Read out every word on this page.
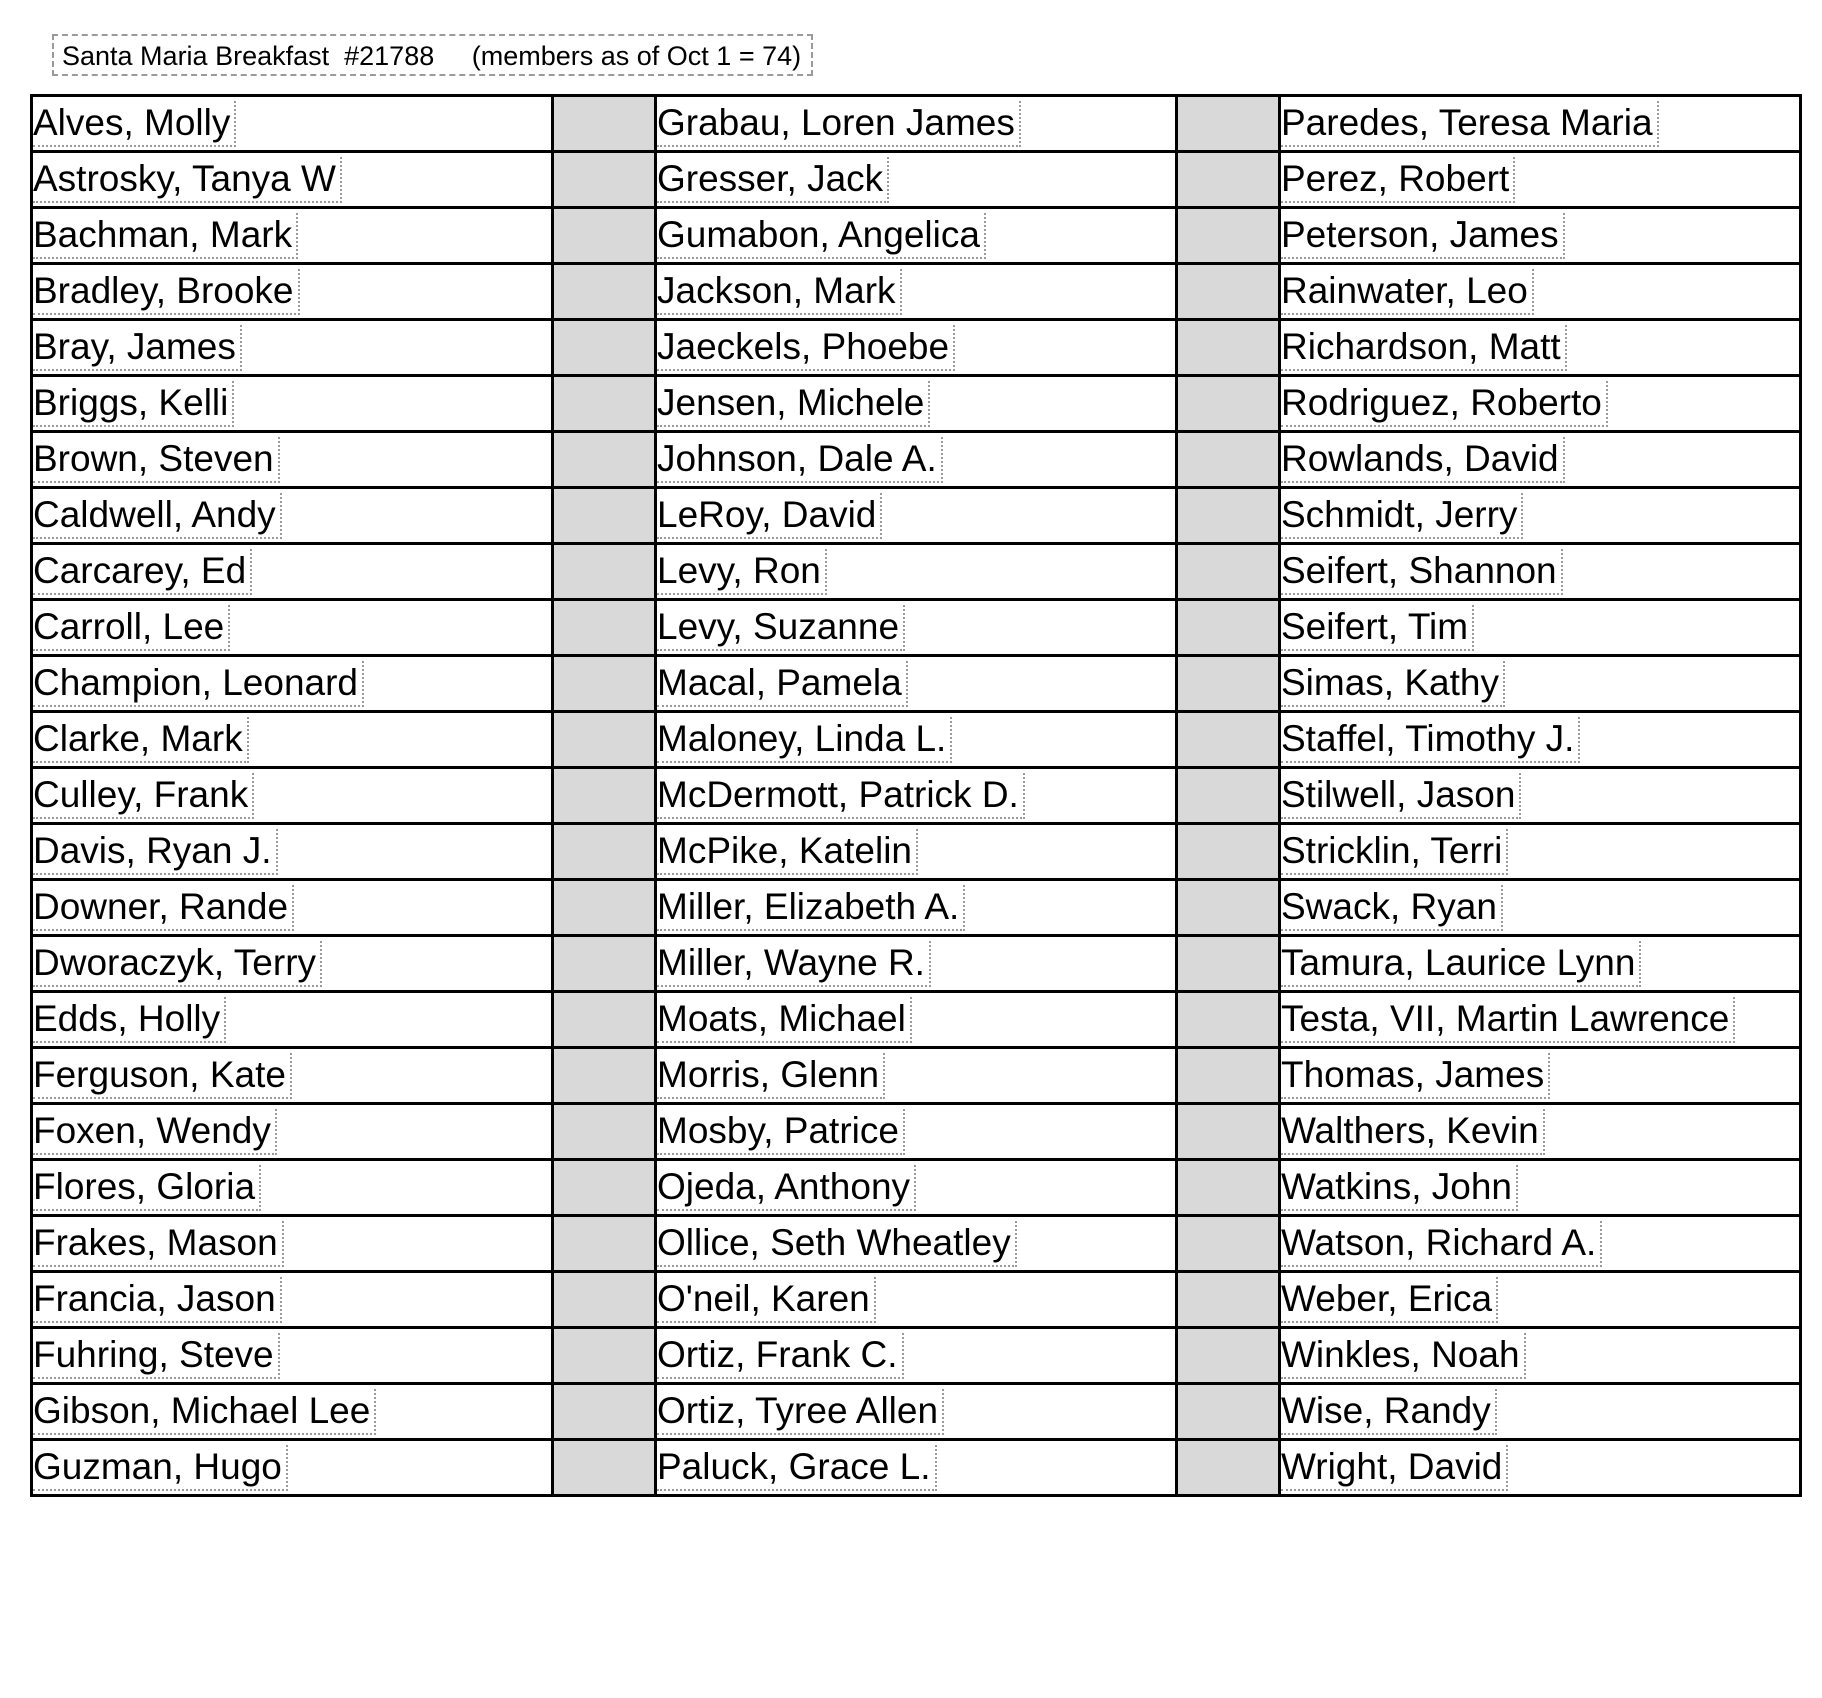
Santa Maria Breakfast  #21788 (members as of Oct 1 = 74)
Alves, Molly		Grabau, Loren James		Paredes, Teresa Maria
Astrosky, Tanya W		Gresser, Jack		Perez, Robert
Bachman, Mark		Gumabon, Angelica		Peterson, James
Bradley, Brooke		Jackson, Mark		Rainwater, Leo
Bray, James		Jaeckels, Phoebe		Richardson, Matt
Briggs, Kelli		Jensen, Michele		Rodriguez, Roberto
Brown, Steven		Johnson, Dale A.		Rowlands, David
Caldwell, Andy		LeRoy, David		Schmidt, Jerry
Carcarey, Ed		Levy, Ron		Seifert, Shannon
Carroll, Lee		Levy, Suzanne		Seifert, Tim
Champion, Leonard		Macal, Pamela		Simas, Kathy
Clarke, Mark		Maloney, Linda L.		Staffel, Timothy J.
Culley, Frank		McDermott, Patrick D.		Stilwell, Jason
Davis, Ryan J.		McPike, Katelin		Stricklin, Terri
Downer, Rande		Miller, Elizabeth A.		Swack, Ryan
Dworaczyk, Terry		Miller, Wayne R.		Tamura, Laurice Lynn
Edds, Holly		Moats, Michael		Testa, VII, Martin Lawrence
Ferguson, Kate		Morris, Glenn		Thomas, James
Foxen, Wendy		Mosby, Patrice		Walthers, Kevin
Flores, Gloria		Ojeda, Anthony		Watkins, John
Frakes, Mason		Ollice, Seth Wheatley		Watson, Richard A.
Francia, Jason		O'neil, Karen		Weber, Erica
Fuhring, Steve		Ortiz, Frank C.		Winkles, Noah
Gibson, Michael Lee		Ortiz, Tyree Allen		Wise, Randy
Guzman, Hugo		Paluck, Grace L.		Wright, David
